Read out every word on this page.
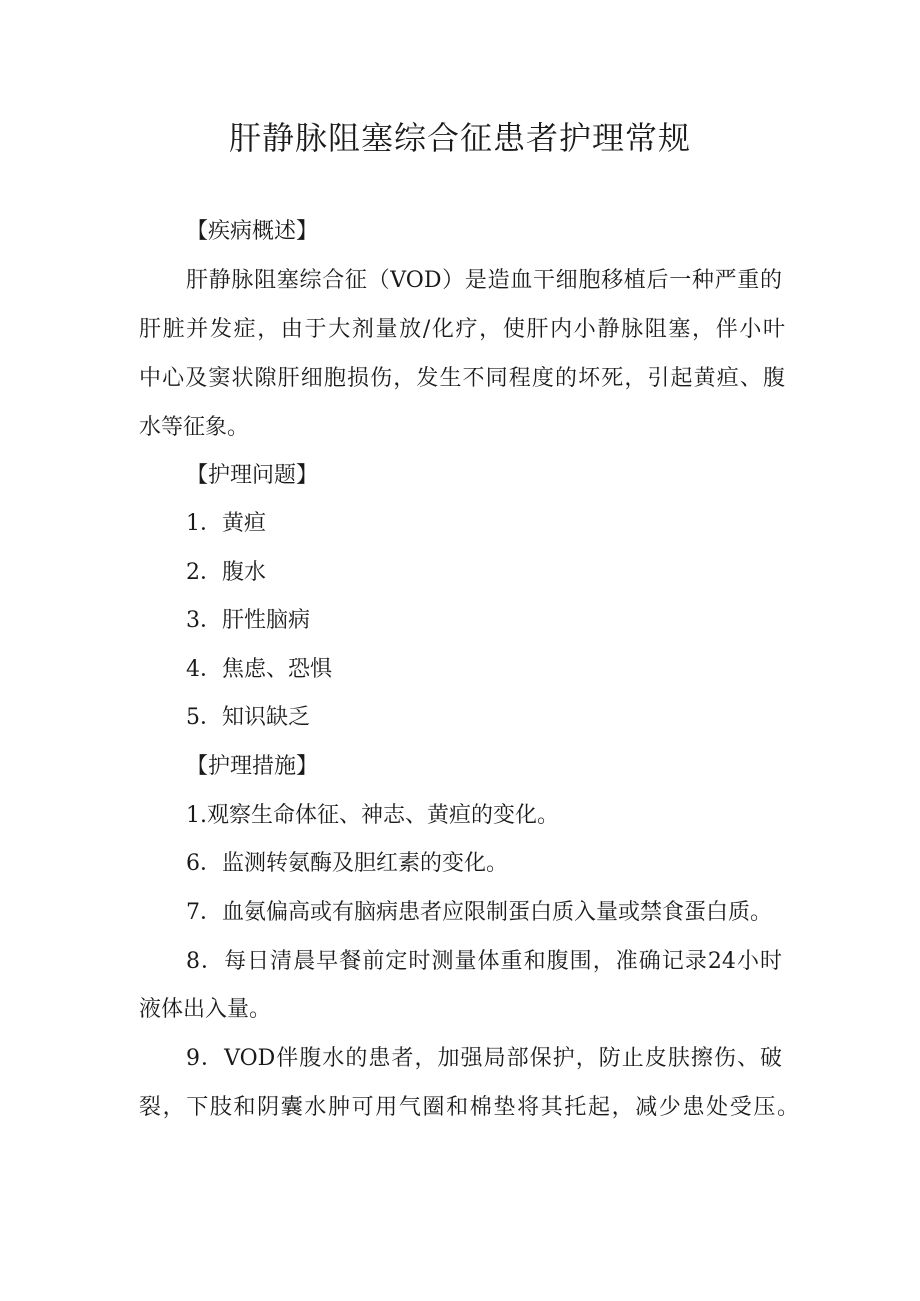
肝静脉阻塞综合征患者护理常规

【疾病概述】

肝静脉阻塞综合征（VOD）是造血干细胞移植后一种严重的

肝脏并发症，由于大剂量放/化疗，使肝内小静脉阻塞，伴小叶

中心及窦状隙肝细胞损伤，发生不同程度的坏死，引起黄疸、腹

水等征象。

【护理问题】

1．黄疸

2．腹水

3．肝性脑病

4．焦虑、恐惧

5．知识缺乏

【护理措施】

1.观察生命体征、神志、黄疸的变化。

6．监测转氨酶及胆红素的变化。

7．血氨偏高或有脑病患者应限制蛋白质入量或禁食蛋白质。

8．每日清晨早餐前定时测量体重和腹围，准确记录24小时

液体出入量。

9．VOD伴腹水的患者，加强局部保护，防止皮肤擦伤、破

裂，下肢和阴囊水肿可用气圈和棉垫将其托起，减少患处受压。
